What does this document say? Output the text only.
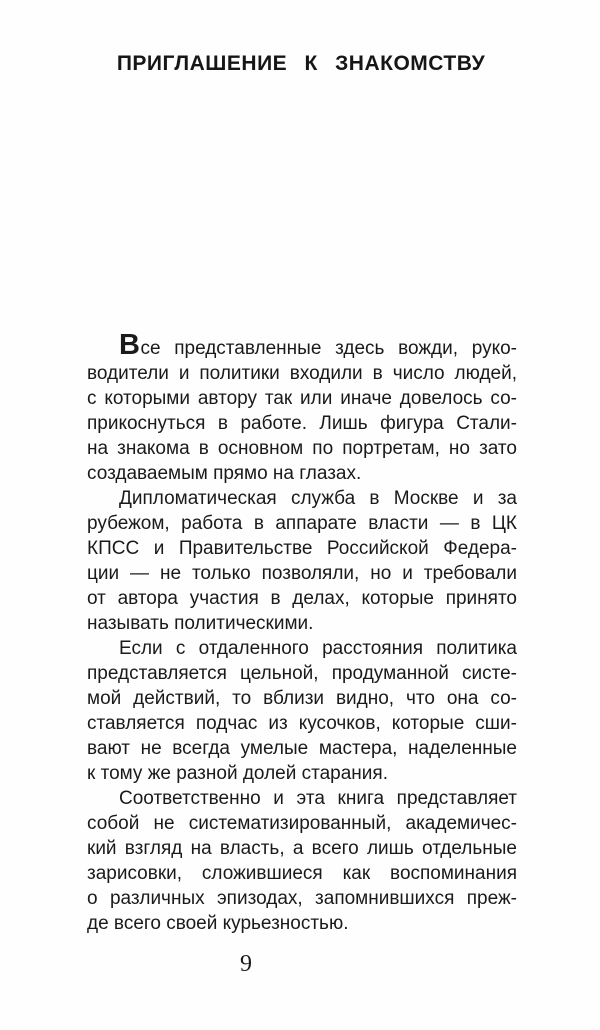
ПРИГЛАШЕНИЕ К ЗНАКОМСТВУ
Все представленные здесь вожди, руко-
водители и политики входили в число людей,
с которыми автору так или иначе довелось со-
прикоснуться в работе. Лишь фигура Стали-
на знакома в основном по портретам, но зато
создаваемым прямо на глазах.
Дипломатическая служба в Москве и за
рубежом, работа в аппарате власти — в ЦК
КПСС и Правительстве Российской Федера-
ции — не только позволяли, но и требовали
от автора участия в делах, которые принято
называть политическими.
Если с отдаленного расстояния политика
представляется цельной, продуманной систе-
мой действий, то вблизи видно, что она со-
ставляется подчас из кусочков, которые сши-
вают не всегда умелые мастера, наделенные
к тому же разной долей старания.
Соответственно и эта книга представляет
собой не систематизированный, академичес-
кий взгляд на власть, а всего лишь отдельные
зарисовки, сложившиеся как воспоминания
о различных эпизодах, запомнившихся преж-
де всего своей курьезностью.
9
